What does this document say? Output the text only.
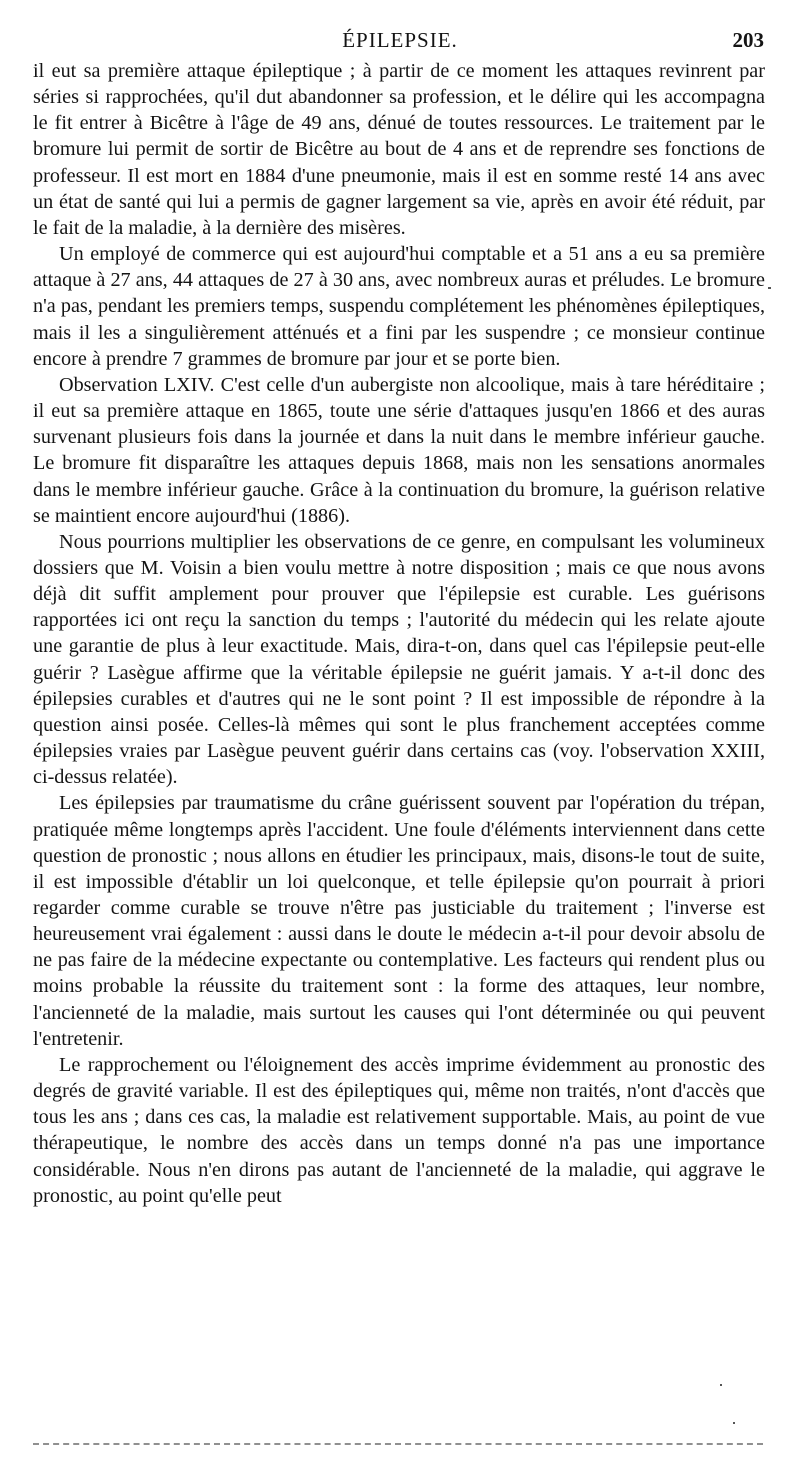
ÉPILEPSIE.	203

il eut sa première attaque épileptique ; à partir de ce moment les attaques revinrent par séries si rapprochées, qu'il dut abandonner sa profession, et le délire qui les accompagna le fit entrer à Bicêtre à l'âge de 49 ans, dénué de toutes ressources. Le traitement par le bromure lui permit de sortir de Bicêtre au bout de 4 ans et de reprendre ses fonctions de professeur. Il est mort en 1884 d'une pneumonie, mais il est en somme resté 14 ans avec un état de santé qui lui a permis de gagner largement sa vie, après en avoir été réduit, par le fait de la maladie, à la dernière des misères.

Un employé de commerce qui est aujourd'hui comptable et a 51 ans a eu sa première attaque à 27 ans, 44 attaques de 27 à 30 ans, avec nombreux auras et préludes. Le bromure n'a pas, pendant les premiers temps, suspendu complétement les phénomènes épileptiques, mais il les a singulièrement atténués et a fini par les suspendre ; ce monsieur continue encore à prendre 7 grammes de bromure par jour et se porte bien.

Observation LXIV. C'est celle d'un aubergiste non alcoolique, mais à tare héréditaire ; il eut sa première attaque en 1865, toute une série d'attaques jusqu'en 1866 et des auras survenant plusieurs fois dans la journée et dans la nuit dans le membre inférieur gauche. Le bromure fit disparaître les attaques depuis 1868, mais non les sensations anormales dans le membre inférieur gauche. Grâce à la continuation du bromure, la guérison relative se maintient encore aujourd'hui (1886).

Nous pourrions multiplier les observations de ce genre, en compulsant les volumineux dossiers que M. Voisin a bien voulu mettre à notre disposition ; mais ce que nous avons déjà dit suffit amplement pour prouver que l'épilepsie est curable. Les guérisons rapportées ici ont reçu la sanction du temps ; l'autorité du médecin qui les relate ajoute une garantie de plus à leur exactitude. Mais, dira-t-on, dans quel cas l'épilepsie peut-elle guérir ? Lasègue affirme que la véritable épilepsie ne guérit jamais. Y a-t-il donc des épilepsies curables et d'autres qui ne le sont point ? Il est impossible de répondre à la question ainsi posée. Celles-là mêmes qui sont le plus franchement acceptées comme épilepsies vraies par Lasègue peuvent guérir dans certains cas (voy. l'observation XXIII, ci-dessus relatée).

Les épilepsies par traumatisme du crâne guérissent souvent par l'opération du trépan, pratiquée même longtemps après l'accident. Une foule d'éléments interviennent dans cette question de pronostic ; nous allons en étudier les principaux, mais, disons-le tout de suite, il est impossible d'établir un loi quelconque, et telle épilepsie qu'on pourrait à priori regarder comme curable se trouve n'être pas justiciable du traitement ; l'inverse est heureusement vrai également : aussi dans le doute le médecin a-t-il pour devoir absolu de ne pas faire de la médecine expectante ou contemplative. Les facteurs qui rendent plus ou moins probable la réussite du traitement sont : la forme des attaques, leur nombre, l'ancienneté de la maladie, mais surtout les causes qui l'ont déterminée ou qui peuvent l'entretenir.

Le rapprochement ou l'éloignement des accès imprime évidemment au pronostic des degrés de gravité variable. Il est des épileptiques qui, même non traités, n'ont d'accès que tous les ans ; dans ces cas, la maladie est relativement supportable. Mais, au point de vue thérapeutique, le nombre des accès dans un temps donné n'a pas une importance considérable. Nous n'en dirons pas autant de l'ancienneté de la maladie, qui aggrave le pronostic, au point qu'elle peut
